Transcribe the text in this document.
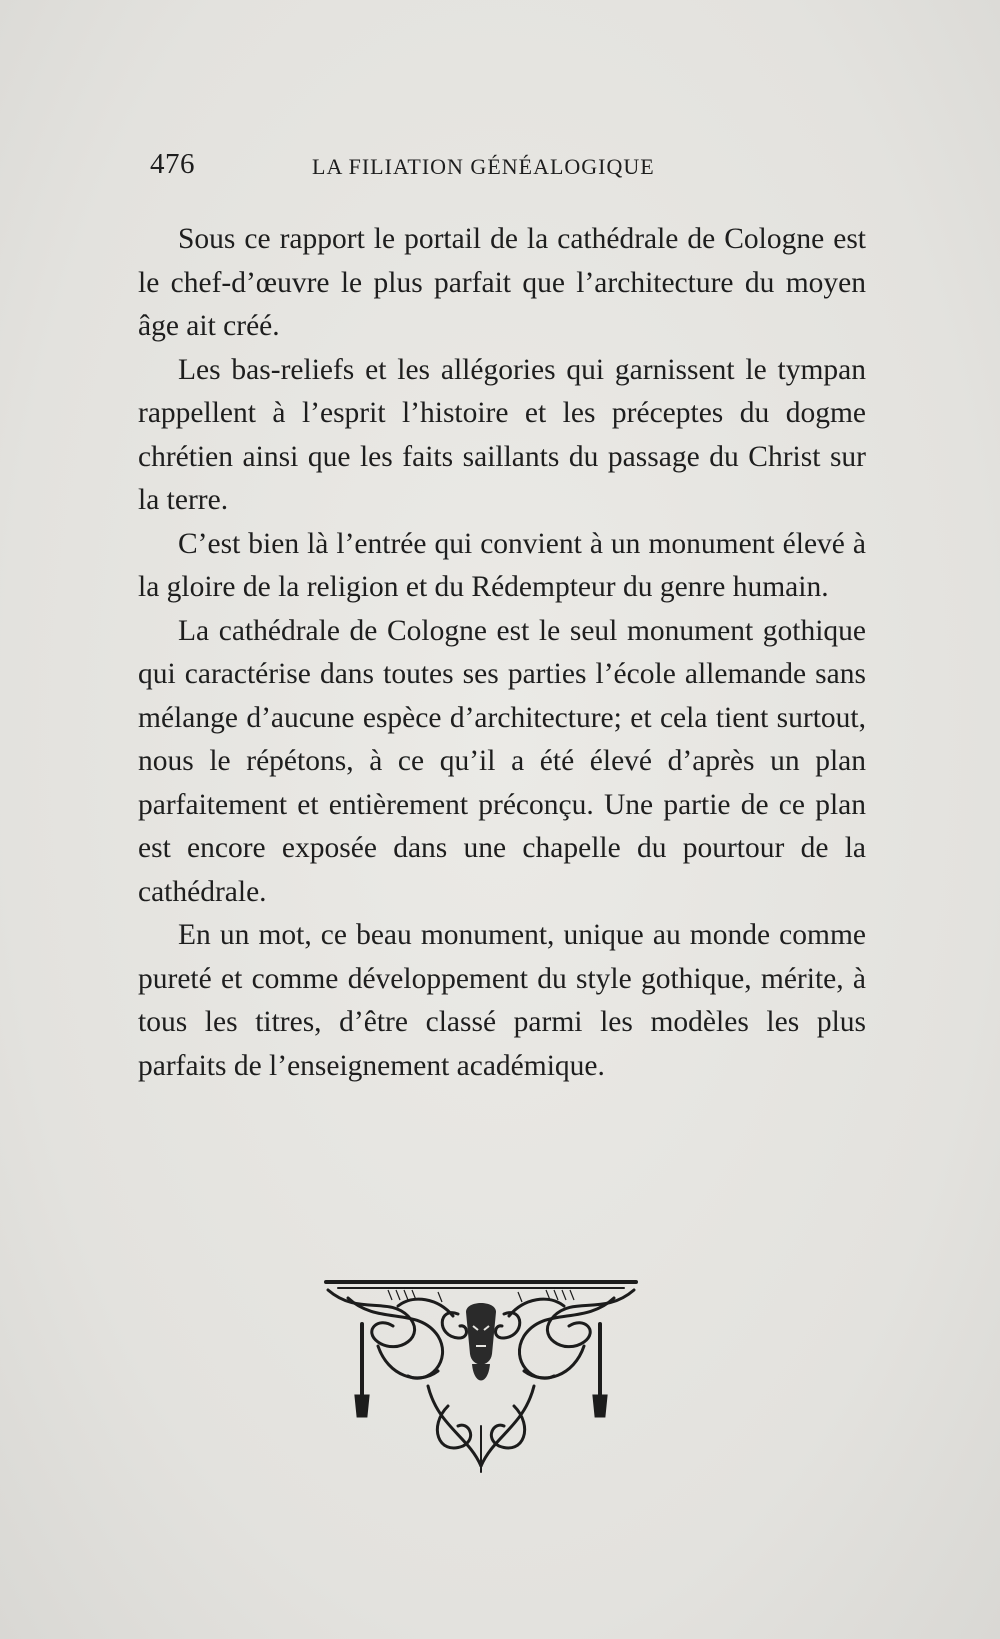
476	LA FILIATION GÉNÉALOGIQUE

Sous ce rapport le portail de la cathédrale de Cologne est le chef-d’œuvre le plus parfait que l’architecture du moyen âge ait créé.

Les bas-reliefs et les allégories qui garnissent le tympan rappellent à l’esprit l’histoire et les préceptes du dogme chrétien ainsi que les faits saillants du passage du Christ sur la terre.

C’est bien là l’entrée qui convient à un monument élevé à la gloire de la religion et du Rédempteur du genre humain.

La cathédrale de Cologne est le seul monument gothique qui caractérise dans toutes ses parties l’école allemande sans mélange d’aucune espèce d’architecture; et cela tient surtout, nous le répétons, à ce qu’il a été élevé d’après un plan parfaitement et entièrement préconçu. Une partie de ce plan est encore exposée dans une chapelle du pourtour de la cathédrale.

En un mot, ce beau monument, unique au monde comme pureté et comme développement du style gothique, mérite, à tous les titres, d’être classé parmi les modèles les plus parfaits de l’enseignement académique.
